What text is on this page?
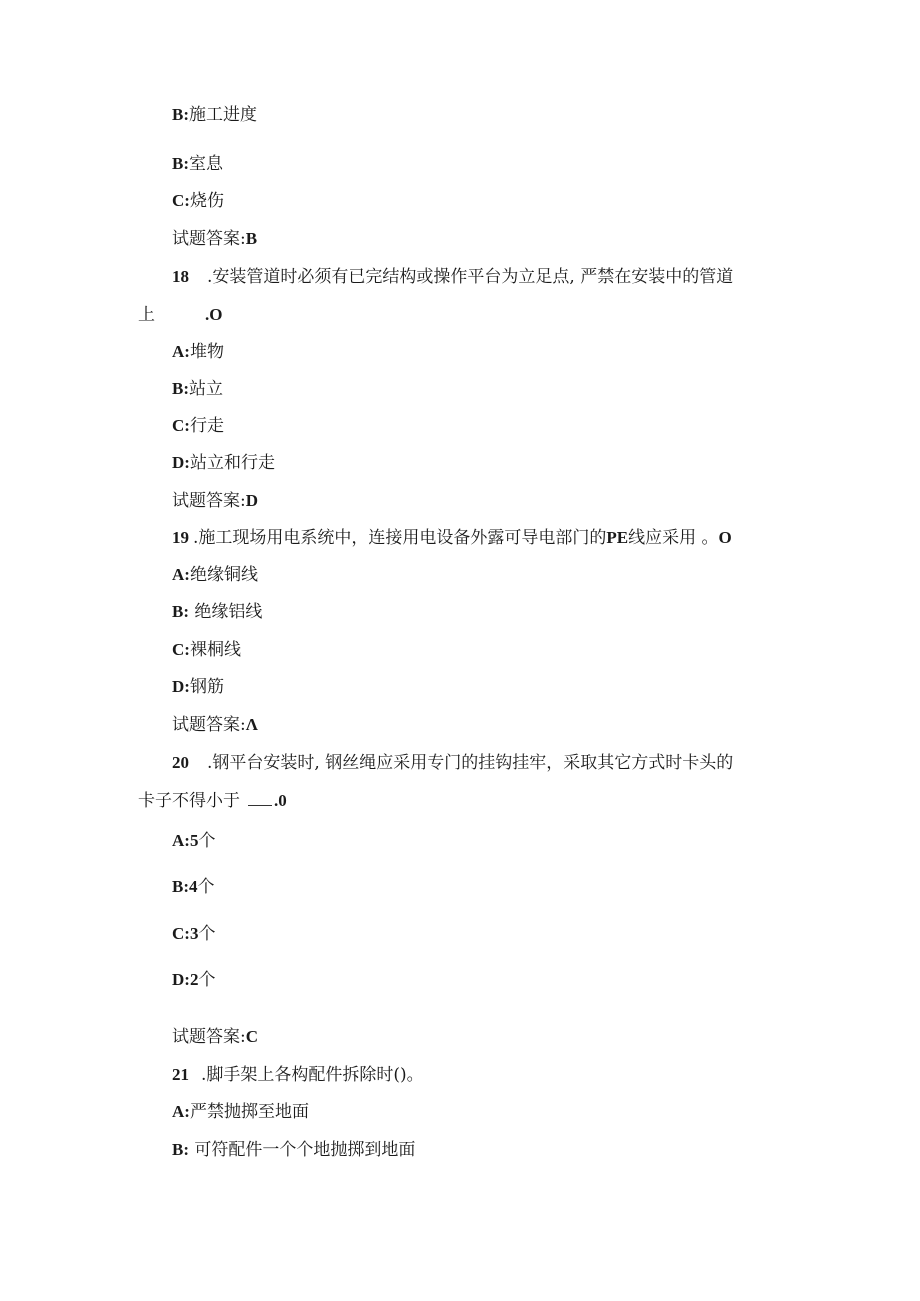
B:施工进度
B:室息
C:烧伤
试题答案:B
18 .安装管道时必须有已完结构或操作平台为立足点, 严禁在安装中的管道
上	.O
A:堆物
B:站立
C:行走
D:站立和行走
试题答案:D
19 .施工现场用电系统中，连接用电设备外露可导电部门的PE线应采用 。O
A:绝缘铜线
B: 绝缘铝线
C:裸桐线
D:钢筋
试题答案:Λ
20 .钢平台安装时, 钢丝绳应采用专门的挂钩挂牢，采取其它方式时卡头的
卡子不得小于 .0
A:5个
B:4个
C:3个
D:2个
试题答案:C
21 .脚手架上各构配件拆除时()。
A:严禁抛掷至地面
B: 可符配件一个个地抛掷到地面
